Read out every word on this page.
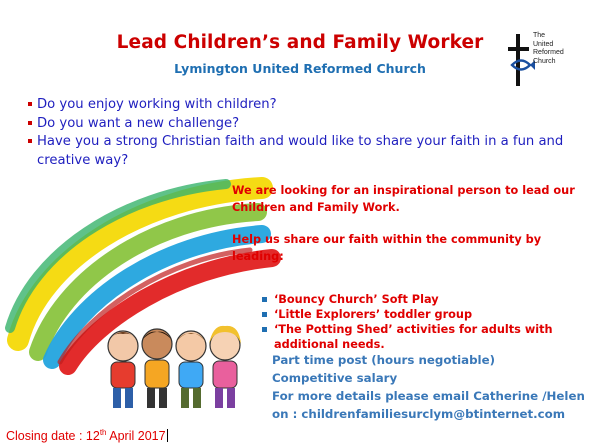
Lead Children’s and Family Worker
Lymington United Reformed Church
The
United
Reformed
Church
Do you enjoy working with children?
Do you want a new challenge?
Have you a strong Christian faith and would like to share your faith in a fun and creative way?
We are looking for an inspirational person to lead our Children and Family Work.
Help us share our faith within the community by leading:
‘Bouncy Church’ Soft Play
‘Little Explorers’ toddler group
‘The Potting Shed’ activities for adults with additional needs.
Part time post (hours negotiable)
Competitive salary
For more details please email Catherine /Helen
on : childrenfamiliesurclym@btinternet.com
Closing date : 12th April 2017
